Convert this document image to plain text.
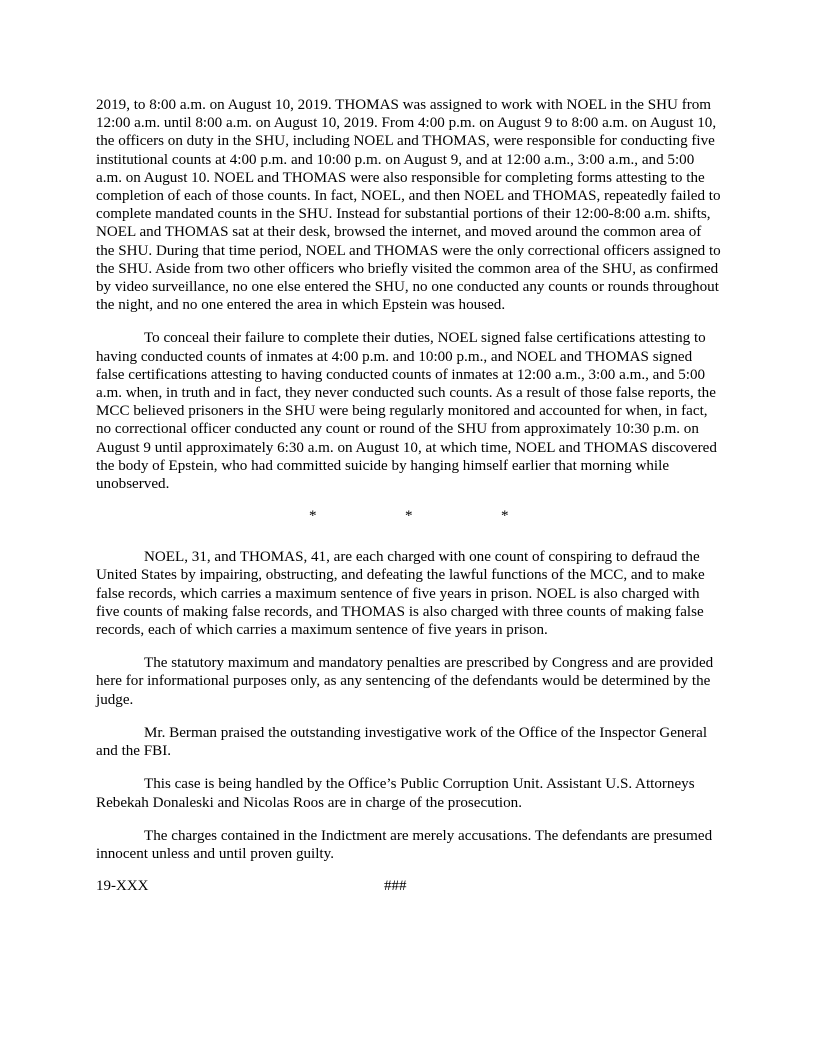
2019, to 8:00 a.m. on August 10, 2019. THOMAS was assigned to work with NOEL in the SHU from 12:00 a.m. until 8:00 a.m. on August 10, 2019. From 4:00 p.m. on August 9 to 8:00 a.m. on August 10, the officers on duty in the SHU, including NOEL and THOMAS, were responsible for conducting five institutional counts at 4:00 p.m. and 10:00 p.m. on August 9, and at 12:00 a.m., 3:00 a.m., and 5:00 a.m. on August 10. NOEL and THOMAS were also responsible for completing forms attesting to the completion of each of those counts. In fact, NOEL, and then NOEL and THOMAS, repeatedly failed to complete mandated counts in the SHU. Instead for substantial portions of their 12:00-8:00 a.m. shifts, NOEL and THOMAS sat at their desk, browsed the internet, and moved around the common area of the SHU. During that time period, NOEL and THOMAS were the only correctional officers assigned to the SHU. Aside from two other officers who briefly visited the common area of the SHU, as confirmed by video surveillance, no one else entered the SHU, no one conducted any counts or rounds throughout the night, and no one entered the area in which Epstein was housed.

To conceal their failure to complete their duties, NOEL signed false certifications attesting to having conducted counts of inmates at 4:00 p.m. and 10:00 p.m., and NOEL and THOMAS signed false certifications attesting to having conducted counts of inmates at 12:00 a.m., 3:00 a.m., and 5:00 a.m. when, in truth and in fact, they never conducted such counts. As a result of those false reports, the MCC believed prisoners in the SHU were being regularly monitored and accounted for when, in fact, no correctional officer conducted any count or round of the SHU from approximately 10:30 p.m. on August 9 until approximately 6:30 a.m. on August 10, at which time, NOEL and THOMAS discovered the body of Epstein, who had committed suicide by hanging himself earlier that morning while unobserved.

*	*	*

NOEL, 31, and THOMAS, 41, are each charged with one count of conspiring to defraud the United States by impairing, obstructing, and defeating the lawful functions of the MCC, and to make false records, which carries a maximum sentence of five years in prison. NOEL is also charged with five counts of making false records, and THOMAS is also charged with three counts of making false records, each of which carries a maximum sentence of five years in prison.

The statutory maximum and mandatory penalties are prescribed by Congress and are provided here for informational purposes only, as any sentencing of the defendants would be determined by the judge.

Mr. Berman praised the outstanding investigative work of the Office of the Inspector General and the FBI.

This case is being handled by the Office’s Public Corruption Unit. Assistant U.S. Attorneys Rebekah Donaleski and Nicolas Roos are in charge of the prosecution.

The charges contained in the Indictment are merely accusations. The defendants are presumed innocent unless and until proven guilty.

19-XXX	###
